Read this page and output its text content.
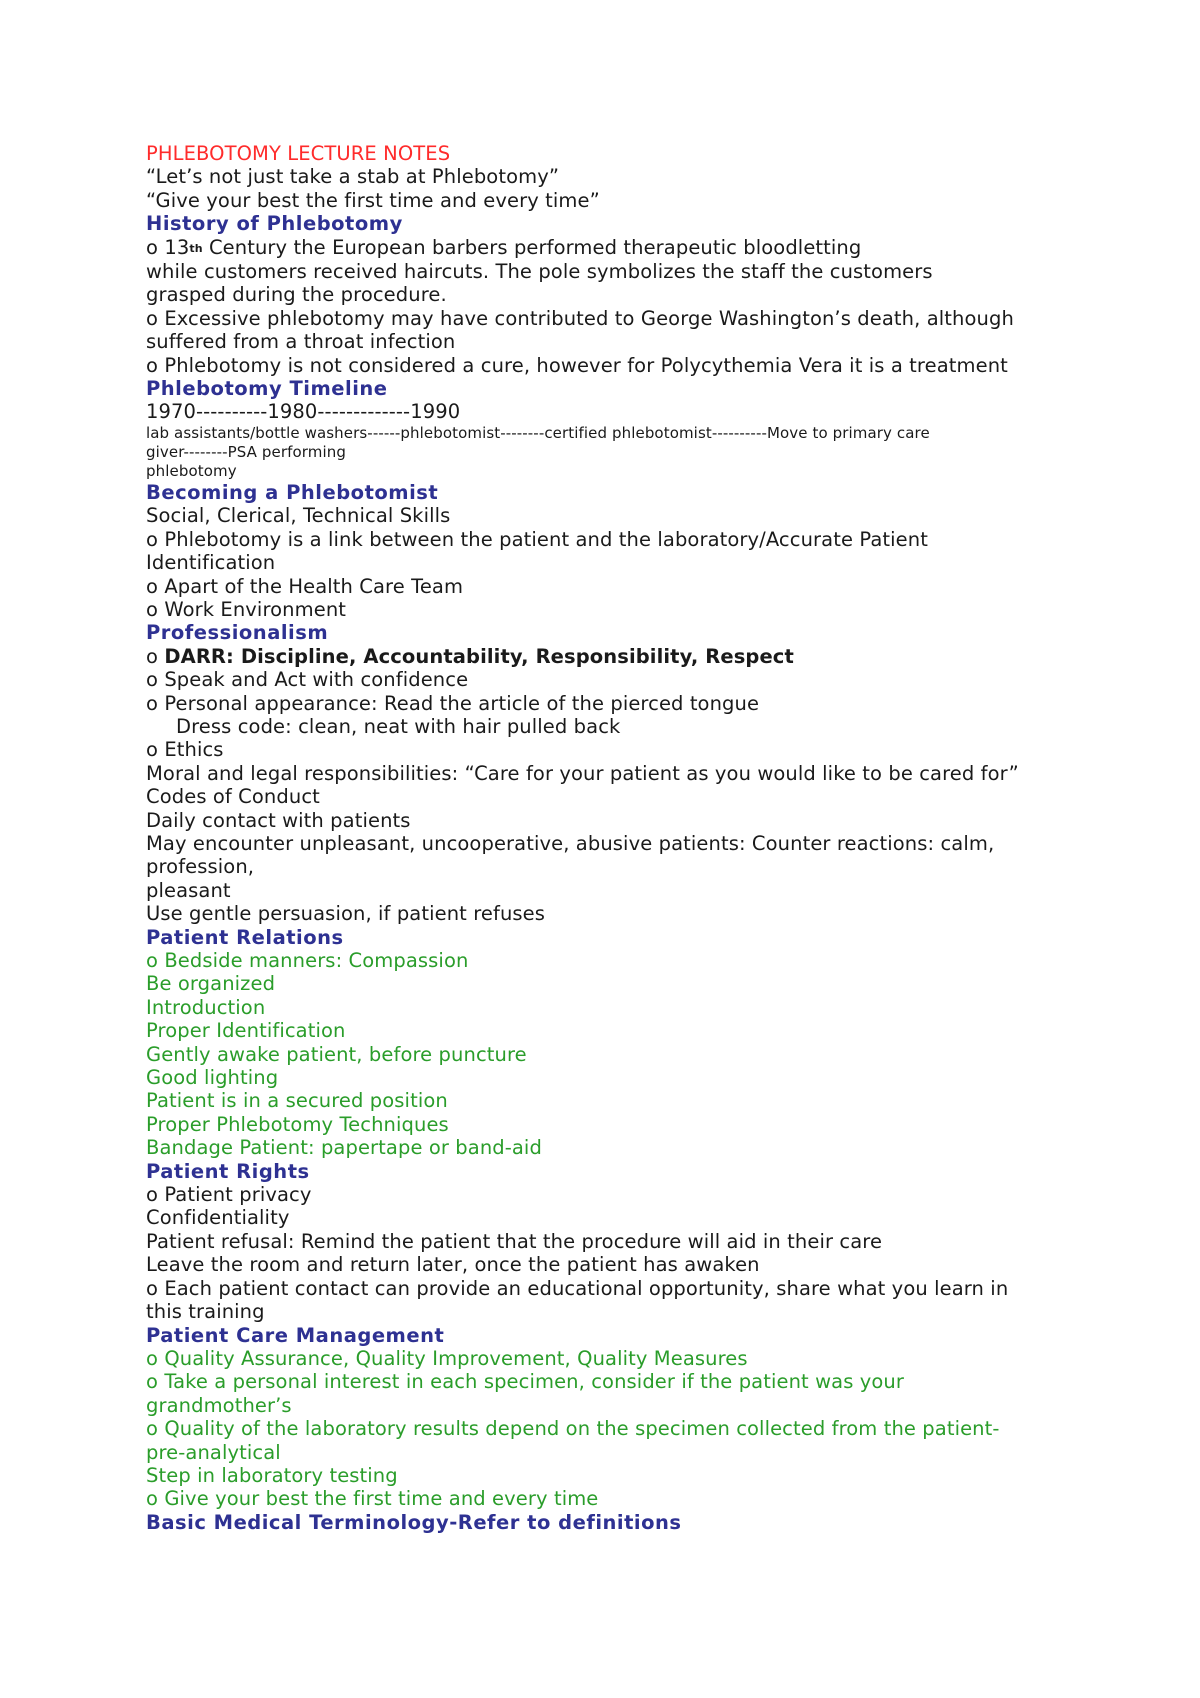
PHLEBOTOMY LECTURE NOTES
“Let’s not just take a stab at Phlebotomy”
“Give your best the first time and every time”
History of Phlebotomy
o 13th Century the European barbers performed therapeutic bloodletting
while customers received haircuts. The pole symbolizes the staff the customers
grasped during the procedure.
o Excessive phlebotomy may have contributed to George Washington’s death, although
suffered from a throat infection
o Phlebotomy is not considered a cure, however for Polycythemia Vera it is a treatment
Phlebotomy Timeline
1970----------1980-------------1990
lab assistants/bottle washers------phlebotomist--------certified phlebotomist----------Move to primary care
giver--------PSA performing
phlebotomy
Becoming a Phlebotomist
Social, Clerical, Technical Skills
o Phlebotomy is a link between the patient and the laboratory/Accurate Patient
Identification
o Apart of the Health Care Team
o Work Environment
Professionalism
o DARR: Discipline, Accountability, Responsibility, Respect
o Speak and Act with confidence
o Personal appearance: Read the article of the pierced tongue
Dress code: clean, neat with hair pulled back
o Ethics
Moral and legal responsibilities: “Care for your patient as you would like to be cared for”
Codes of Conduct
Daily contact with patients
May encounter unpleasant, uncooperative, abusive patients: Counter reactions: calm,
profession,
pleasant
Use gentle persuasion, if patient refuses
Patient Relations
o Bedside manners: Compassion
Be organized
Introduction
Proper Identification
Gently awake patient, before puncture
Good lighting
Patient is in a secured position
Proper Phlebotomy Techniques
Bandage Patient: papertape or band-aid
Patient Rights
o Patient privacy
Confidentiality
Patient refusal: Remind the patient that the procedure will aid in their care
Leave the room and return later, once the patient has awaken
o Each patient contact can provide an educational opportunity, share what you learn in
this training
Patient Care Management
o Quality Assurance, Quality Improvement, Quality Measures
o Take a personal interest in each specimen, consider if the patient was your
grandmother’s
o Quality of the laboratory results depend on the specimen collected from the patient-
pre-analytical
Step in laboratory testing
o Give your best the first time and every time
Basic Medical Terminology-Refer to definitions
